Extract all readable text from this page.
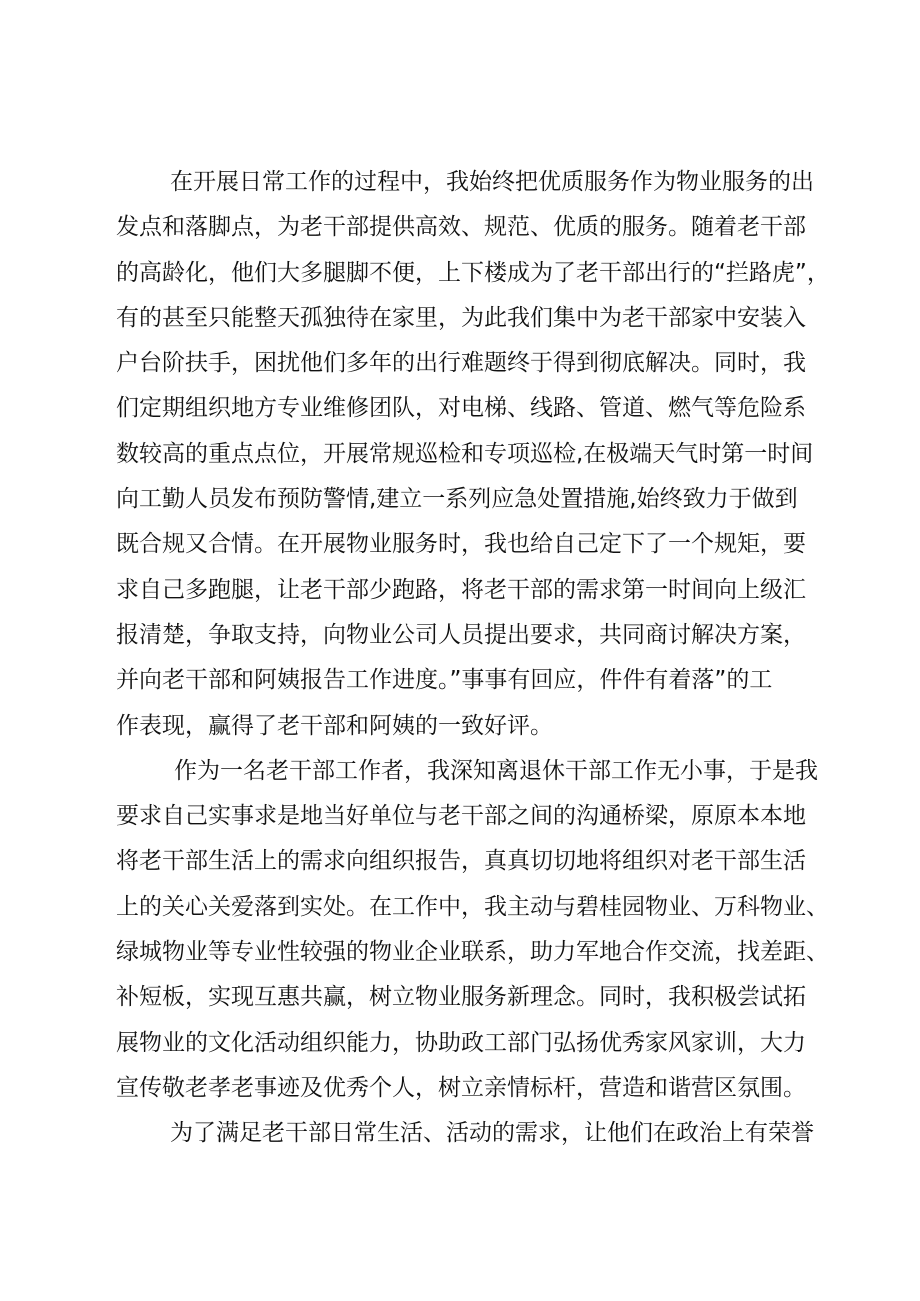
在开展日常工作的过程中，我始终把优质服务作为物业服务的出
发点和落脚点，为老干部提供高效、规范、优质的服务。随着老干部
的高龄化，他们大多腿脚不便，上下楼成为了老干部出行的“拦路虎”，
有的甚至只能整天孤独待在家里，为此我们集中为老干部家中安装入
户台阶扶手，困扰他们多年的出行难题终于得到彻底解决。同时，我
们定期组织地方专业维修团队，对电梯、线路、管道、燃气等危险系
数较高的重点点位，开展常规巡检和专项巡检,在极端天气时第一时间
向工勤人员发布预防警情,建立一系列应急处置措施,始终致力于做到
既合规又合情。在开展物业服务时，我也给自己定下了一个规矩，要
求自己多跑腿，让老干部少跑路，将老干部的需求第一时间向上级汇
报清楚，争取支持，向物业公司人员提出要求，共同商讨解决方案，
并向老干部和阿姨报告工作进度。”事事有回应，件件有着落”的工
作表现，赢得了老干部和阿姨的一致好评。
作为一名老干部工作者，我深知离退休干部工作无小事，于是我
要求自己实事求是地当好单位与老干部之间的沟通桥梁，原原本本地
将老干部生活上的需求向组织报告，真真切切地将组织对老干部生活
上的关心关爱落到实处。在工作中，我主动与碧桂园物业、万科物业、
绿城物业等专业性较强的物业企业联系，助力军地合作交流，找差距、
补短板，实现互惠共赢，树立物业服务新理念。同时，我积极尝试拓
展物业的文化活动组织能力，协助政工部门弘扬优秀家风家训，大力
宣传敬老孝老事迹及优秀个人，树立亲情标杆，营造和谐营区氛围。
为了满足老干部日常生活、活动的需求，让他们在政治上有荣誉
